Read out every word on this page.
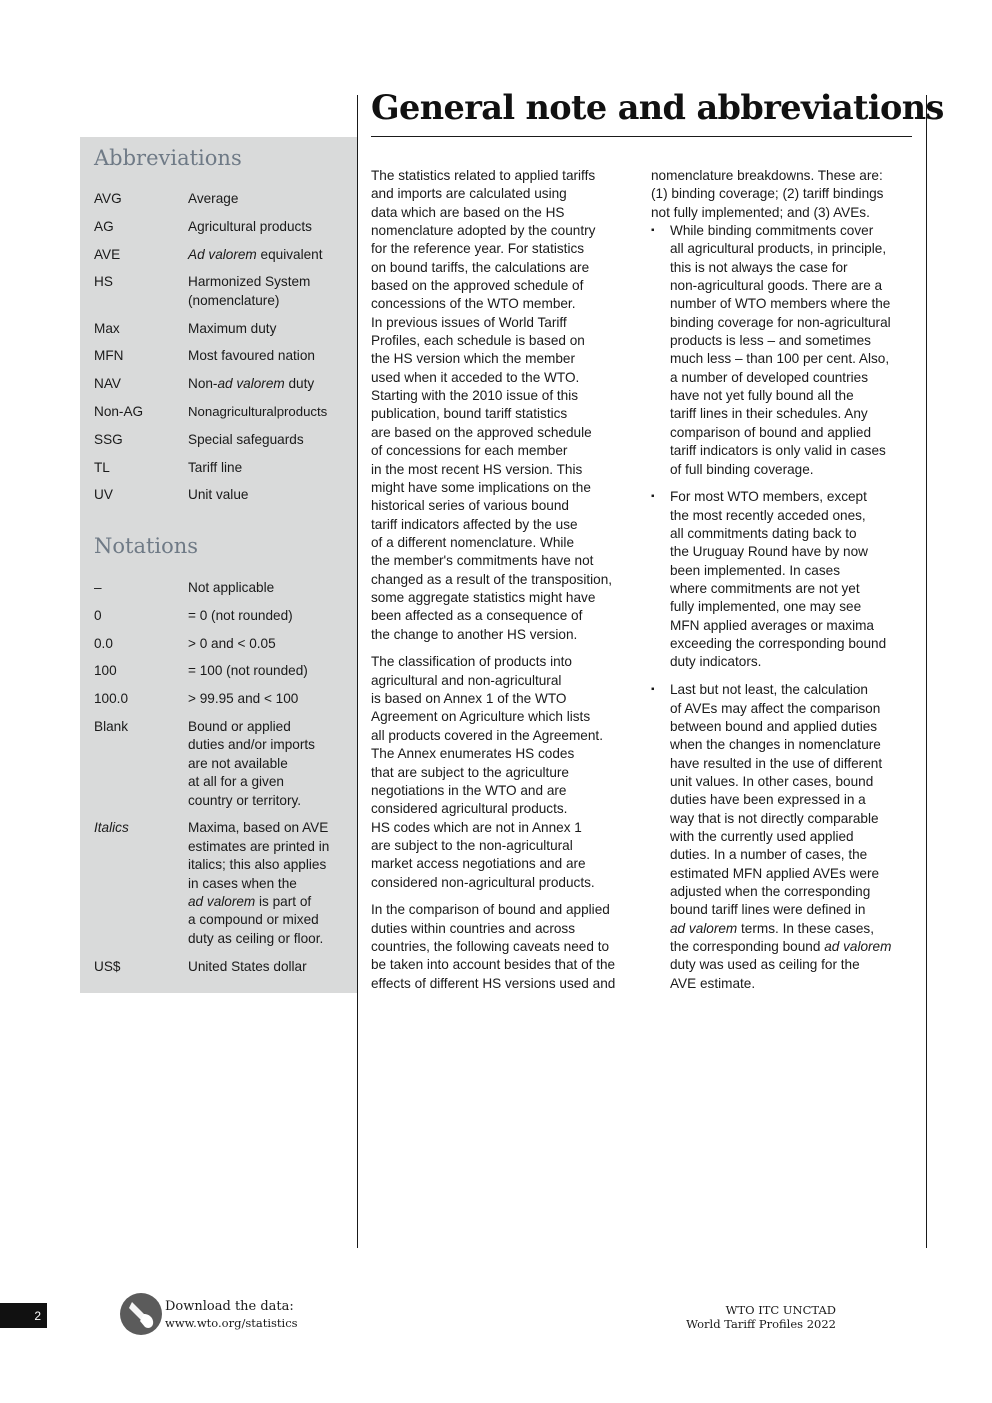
Abbreviations
AVG	Average
AG	Agricultural products
AVE	Ad valorem equivalent
HS	Harmonized System
(nomenclature)
Max	Maximum duty
MFN	Most favoured nation
NAV	Non-ad valorem duty
Non-AG	Nonagriculturalproducts
SSG	Special safeguards
TL	Tariff line
UV	Unit value
Notations
–	Not applicable
0	= 0 (not rounded)
0.0	> 0 and < 0.05
100	= 100 (not rounded)
100.0	> 99.95 and < 100
Blank	Bound or applied
duties and/or imports
are not available
at all for a given
country or territory.
Italics	Maxima, based on AVE
estimates are printed in
italics; this also applies
in cases when the
ad valorem is part of
a compound or mixed
duty as ceiling or floor.
US$	United States dollar
General note and abbreviations
The statistics related to applied tariffs
and imports are calculated using
data which are based on the HS
nomenclature adopted by the country
for the reference year. For statistics
on bound tariffs, the calculations are
based on the approved schedule of
concessions of the WTO member.
In previous issues of World Tariff
Profiles, each schedule is based on
the HS version which the member
used when it acceded to the WTO.
Starting with the 2010 issue of this
publication, bound tariff statistics
are based on the approved schedule
of concessions for each member
in the most recent HS version. This
might have some implications on the
historical series of various bound
tariff indicators affected by the use
of a different nomenclature. While
the member's commitments have not
changed as a result of the transposition,
some aggregate statistics might have
been affected as a consequence of
the change to another HS version.
The classification of products into
agricultural and non-agricultural
is based on Annex 1 of the WTO
Agreement on Agriculture which lists
all products covered in the Agreement.
The Annex enumerates HS codes
that are subject to the agriculture
negotiations in the WTO and are
considered agricultural products.
HS codes which are not in Annex 1
are subject to the non-agricultural
market access negotiations and are
considered non-agricultural products.
In the comparison of bound and applied
duties within countries and across
countries, the following caveats need to
be taken into account besides that of the
effects of different HS versions used and
nomenclature breakdowns. These are:
(1) binding coverage; (2) tariff bindings
not fully implemented; and (3) AVEs.
▪ While binding commitments cover
all agricultural products, in principle,
this is not always the case for
non-agricultural goods. There are a
number of WTO members where the
binding coverage for non-agricultural
products is less – and sometimes
much less – than 100 per cent. Also,
a number of developed countries
have not yet fully bound all the
tariff lines in their schedules. Any
comparison of bound and applied
tariff indicators is only valid in cases
of full binding coverage.
▪ For most WTO members, except
the most recently acceded ones,
all commitments dating back to
the Uruguay Round have by now
been implemented. In cases
where commitments are not yet
fully implemented, one may see
MFN applied averages or maxima
exceeding the corresponding bound
duty indicators.
▪ Last but not least, the calculation
of AVEs may affect the comparison
between bound and applied duties
when the changes in nomenclature
have resulted in the use of different
unit values. In other cases, bound
duties have been expressed in a
way that is not directly comparable
with the currently used applied
duties. In a number of cases, the
estimated MFN applied AVEs were
adjusted when the corresponding
bound tariff lines were defined in
ad valorem terms. In these cases,
the corresponding bound ad valorem
duty was used as ceiling for the
AVE estimate.
2
Download the data:
www.wto.org/statistics
WTO ITC UNCTAD
World Tariff Profiles 2022
